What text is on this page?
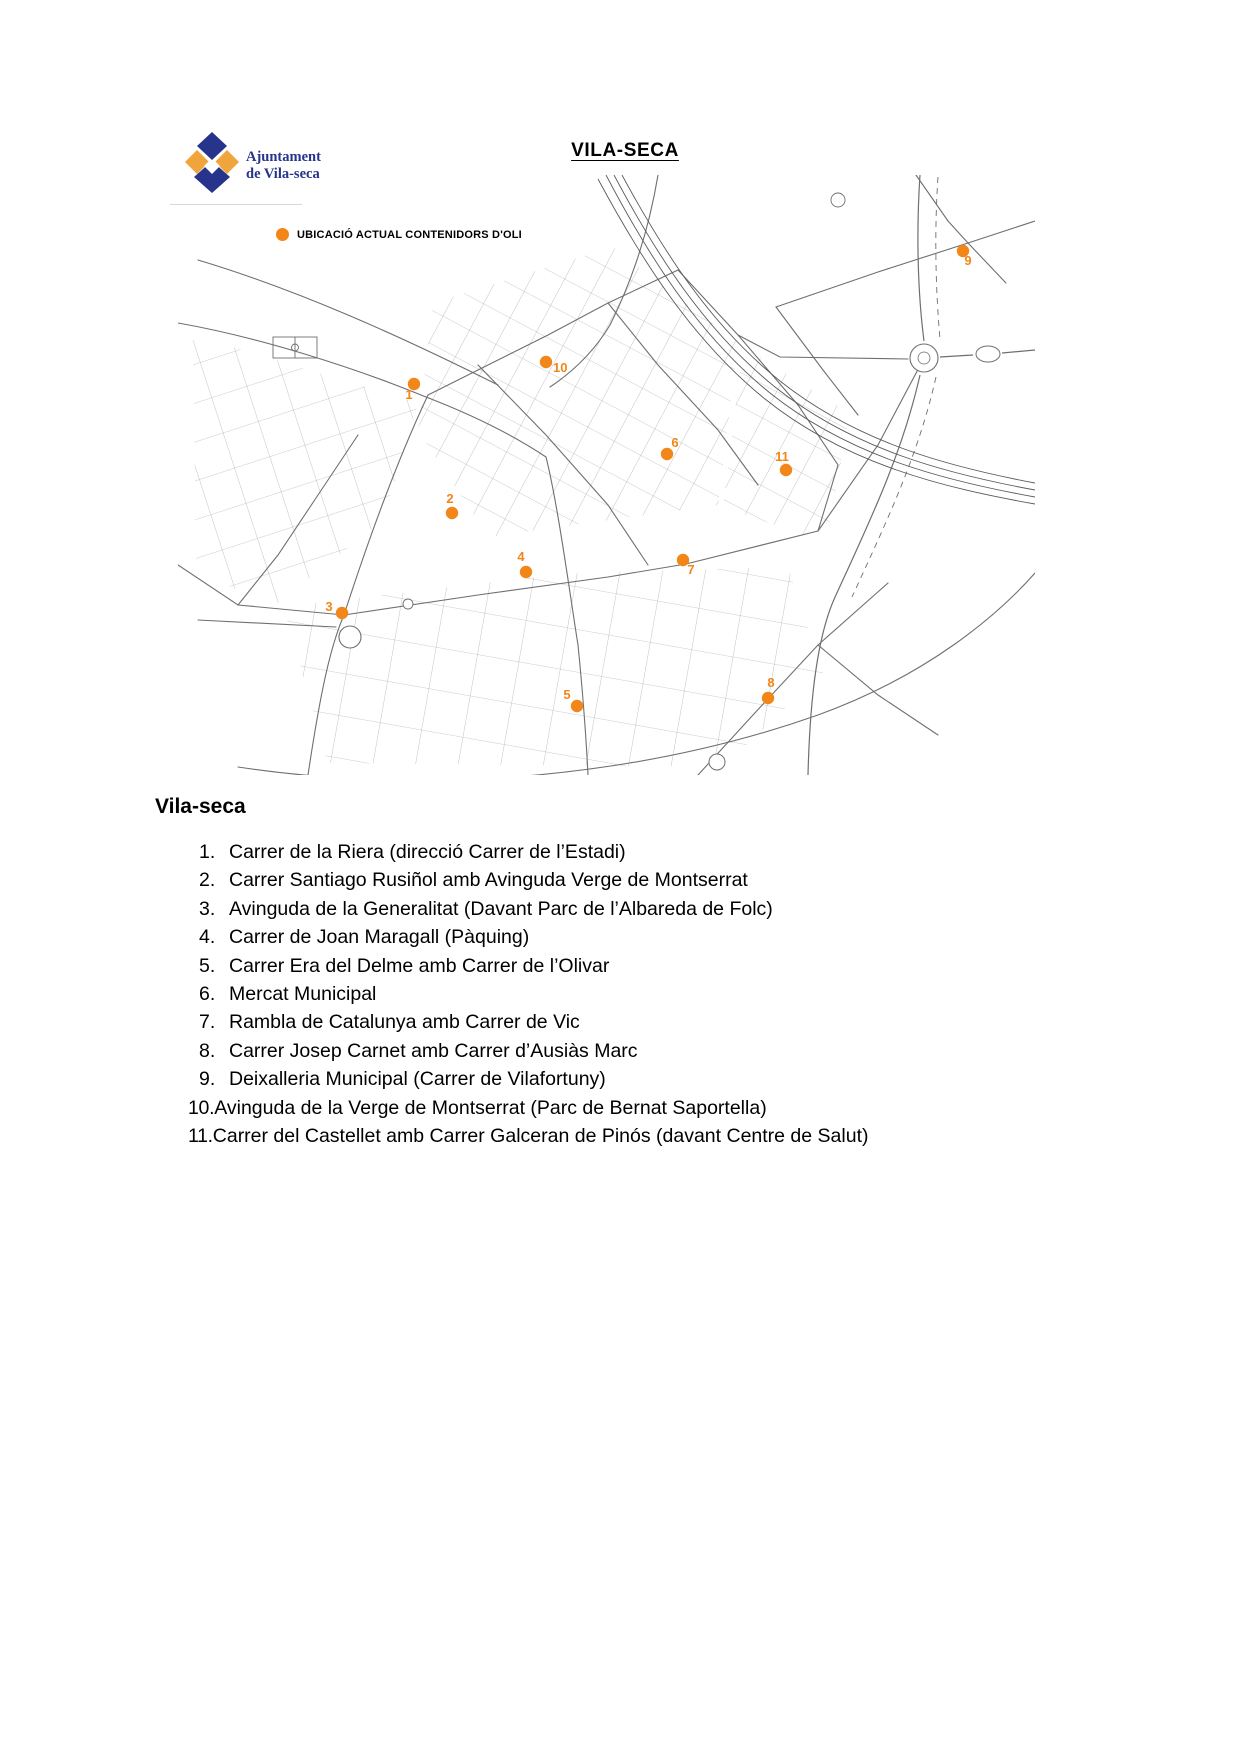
Ajuntament
de Vila-seca
VILA-SECA
UBICACIÓ ACTUAL CONTENIDORS D'OLI
1
2
3
4
5
6
7
8
9
10
11
Vila-seca
1. Carrer de la Riera (direcció Carrer de l’Estadi)
2. Carrer Santiago Rusiñol amb Avinguda Verge de Montserrat
3. Avinguda de la Generalitat (Davant Parc de l’Albareda de Folc)
4. Carrer de Joan Maragall (Pàquing)
5. Carrer Era del Delme amb Carrer de l’Olivar
6. Mercat Municipal
7. Rambla de Catalunya amb Carrer de Vic
8. Carrer Josep Carnet amb Carrer d’Ausiàs Marc
9. Deixalleria Municipal (Carrer de Vilafortuny)
10. Avinguda de la Verge de Montserrat (Parc de Bernat Saportella)
11. Carrer del Castellet amb Carrer Galceran de Pinós (davant Centre de Salut)
